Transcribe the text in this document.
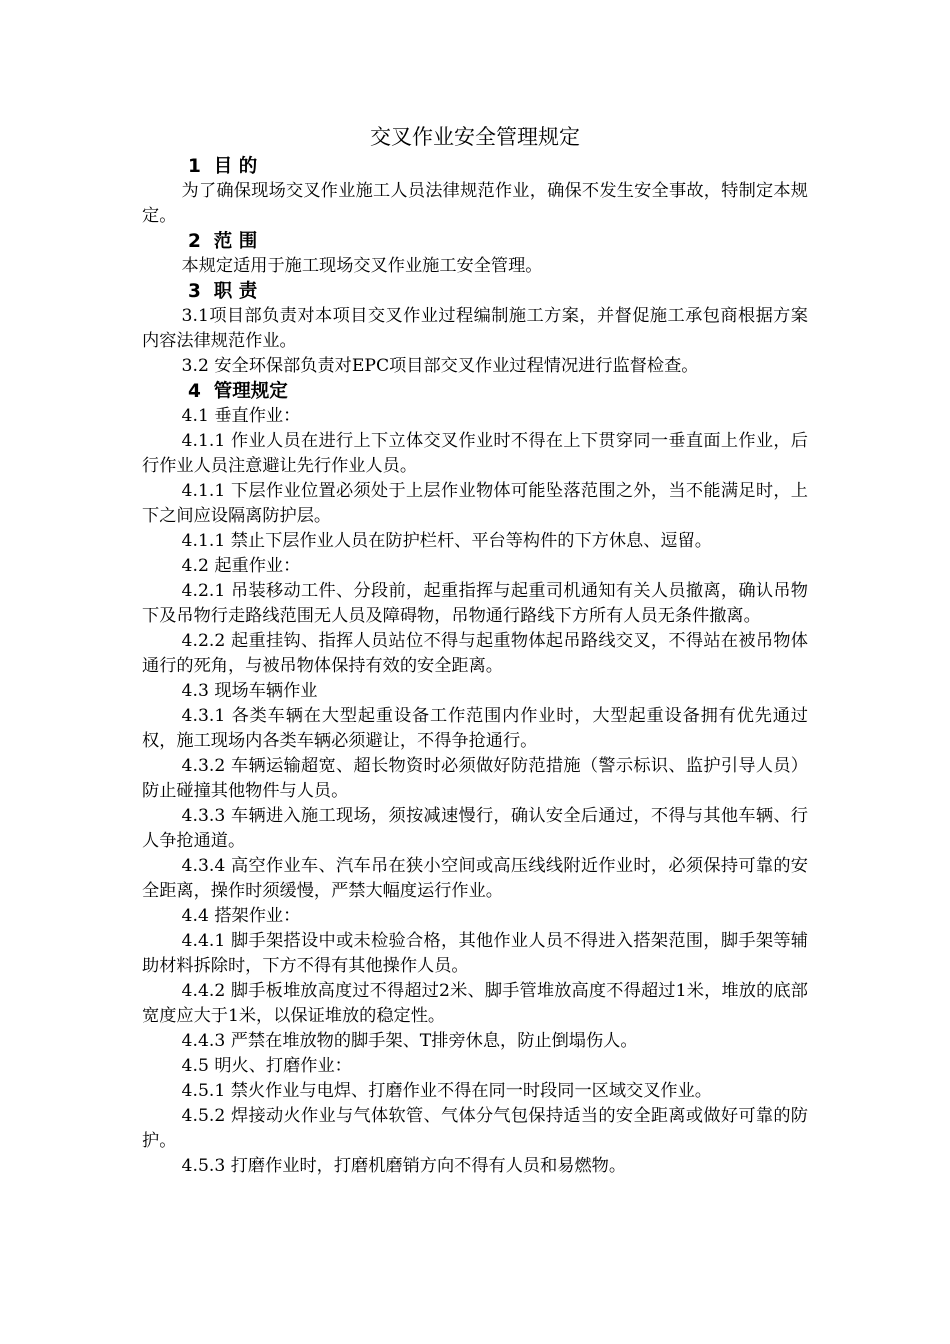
交叉作业安全管理规定
1  目 的

为了确保现场交叉作业施工人员法律规范作业，确保不发生安全事故，特制定本规定。

2  范 围

本规定适用于施工现场交叉作业施工安全管理。

3  职 责

3.1项目部负责对本项目交叉作业过程编制施工方案，并督促施工承包商根据方案内容法律规范作业。

3.2 安全环保部负责对EPC项目部交叉作业过程情况进行监督检查。

4  管理规定

4.1 垂直作业：

4.1.1 作业人员在进行上下立体交叉作业时不得在上下贯穿同一垂直面上作业，后行作业人员注意避让先行作业人员。

4.1.1 下层作业位置必须处于上层作业物体可能坠落范围之外，当不能满足时，上下之间应设隔离防护层。

4.1.1 禁止下层作业人员在防护栏杆、平台等构件的下方休息、逗留。

4.2 起重作业：

4.2.1 吊装移动工件、分段前，起重指挥与起重司机通知有关人员撤离，确认吊物下及吊物行走路线范围无人员及障碍物，吊物通行路线下方所有人员无条件撤离。

4.2.2 起重挂钩、指挥人员站位不得与起重物体起吊路线交叉，不得站在被吊物体通行的死角，与被吊物体保持有效的安全距离。

4.3 现场车辆作业

4.3.1 各类车辆在大型起重设备工作范围内作业时，大型起重设备拥有优先通过权，施工现场内各类车辆必须避让，不得争抢通行。

4.3.2 车辆运输超宽、超长物资时必须做好防范措施（警示标识、监护引导人员）防止碰撞其他物件与人员。

4.3.3 车辆进入施工现场，须按减速慢行，确认安全后通过，不得与其他车辆、行人争抢通道。

4.3.4 高空作业车、汽车吊在狭小空间或高压线线附近作业时，必须保持可靠的安全距离，操作时须缓慢，严禁大幅度运行作业。

4.4 搭架作业：

4.4.1 脚手架搭设中或未检验合格，其他作业人员不得进入搭架范围，脚手架等辅助材料拆除时，下方不得有其他操作人员。

4.4.2 脚手板堆放高度过不得超过2米、脚手管堆放高度不得超过1米，堆放的底部宽度应大于1米，以保证堆放的稳定性。

4.4.3 严禁在堆放物的脚手架、T排旁休息，防止倒塌伤人。

4.5 明火、打磨作业：

4.5.1 禁火作业与电焊、打磨作业不得在同一时段同一区域交叉作业。

4.5.2 焊接动火作业与气体软管、气体分气包保持适当的安全距离或做好可靠的防护。

4.5.3 打磨作业时，打磨机磨销方向不得有人员和易燃物。
